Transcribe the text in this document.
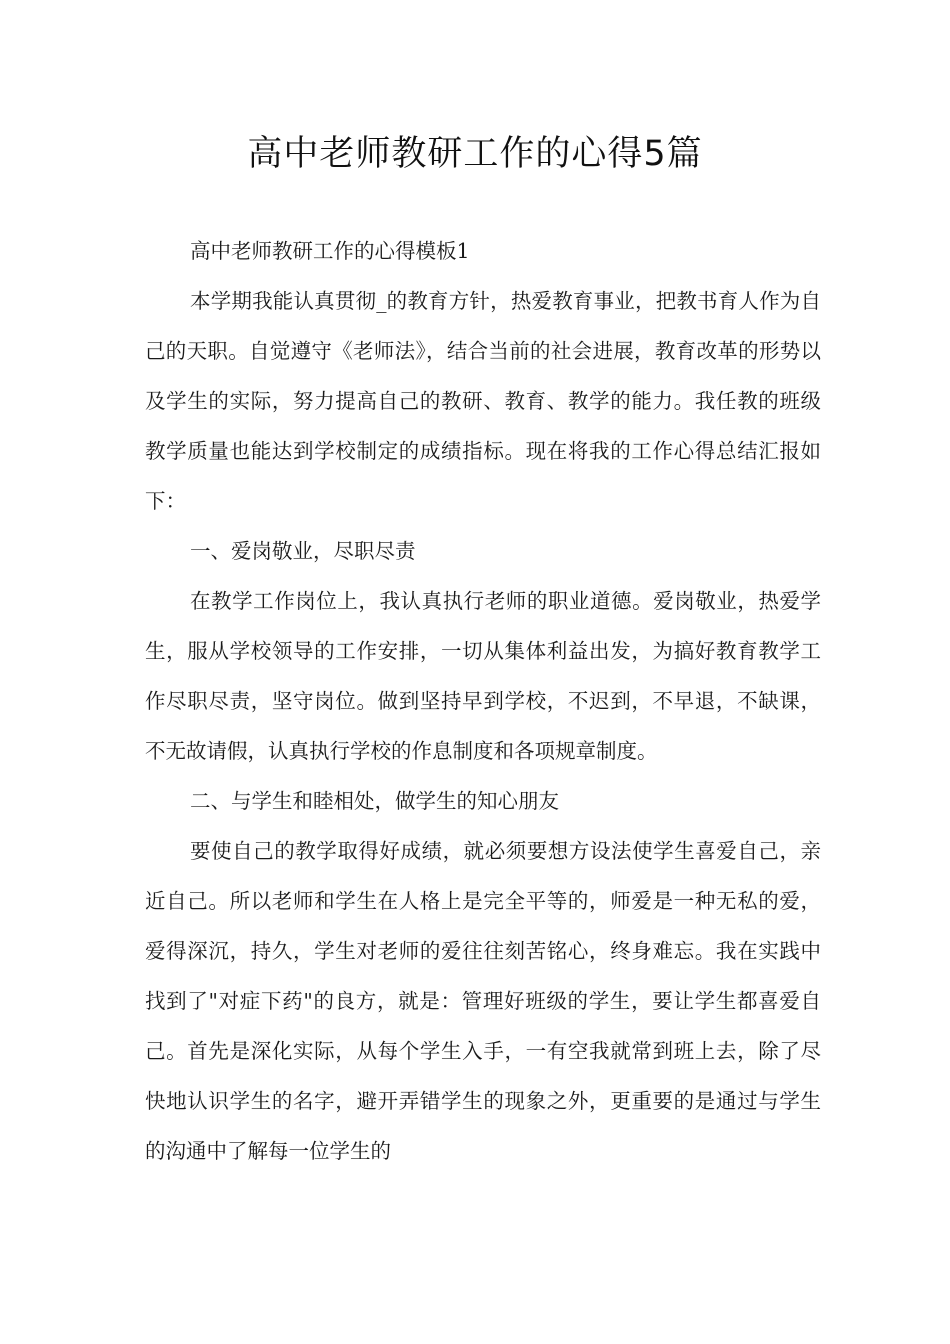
高中老师教研工作的心得5篇

高中老师教研工作的心得模板1

本学期我能认真贯彻_的教育方针，热爱教育事业，把教书育人作为自己的天职。自觉遵守《老师法》，结合当前的社会进展，教育改革的形势以及学生的实际，努力提高自己的教研、教育、教学的能力。我任教的班级教学质量也能达到学校制定的成绩指标。现在将我的工作心得总结汇报如下：

一、爱岗敬业，尽职尽责

在教学工作岗位上，我认真执行老师的职业道德。爱岗敬业，热爱学生，服从学校领导的工作安排，一切从集体利益出发，为搞好教育教学工作尽职尽责，坚守岗位。做到坚持早到学校，不迟到，不早退，不缺课，不无故请假，认真执行学校的作息制度和各项规章制度。

二、与学生和睦相处，做学生的知心朋友

要使自己的教学取得好成绩，就必须要想方设法使学生喜爱自己，亲近自己。所以老师和学生在人格上是完全平等的，师爱是一种无私的爱，爱得深沉，持久，学生对老师的爱往往刻苦铭心，终身难忘。我在实践中找到了"对症下药"的良方，就是：管理好班级的学生，要让学生都喜爱自己。首先是深化实际，从每个学生入手，一有空我就常到班上去，除了尽快地认识学生的名字，避开弄错学生的现象之外，更重要的是通过与学生的沟通中了解每一位学生的
